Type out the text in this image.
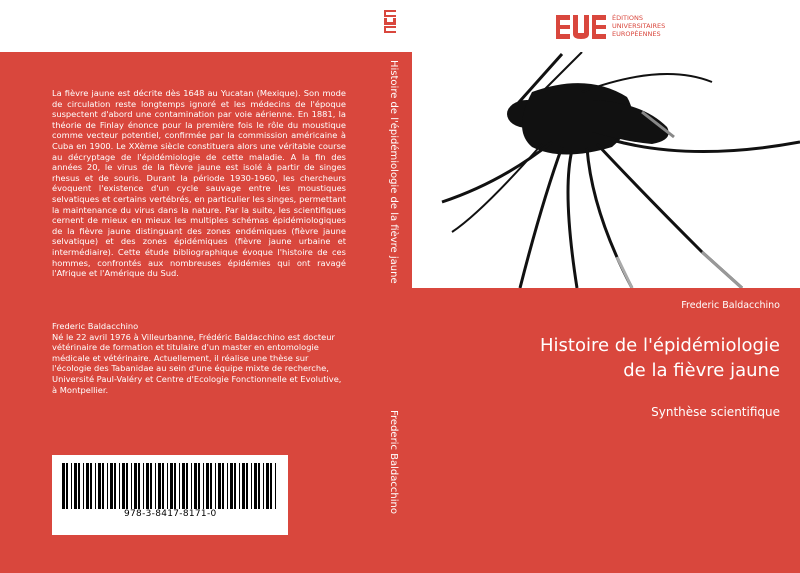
La fièvre jaune est décrite dès 1648 au Yucatan (Mexique). Son mode de circulation reste longtemps ignoré et les médecins de l'époque suspectent d'abord une contamination par voie aérienne. En 1881, la théorie de Finlay énonce pour la première fois le rôle du moustique comme vecteur potentiel, confirmée par la commission américaine à Cuba en 1900. Le XXème siècle constituera alors une véritable course au décryptage de l'épidémiologie de cette maladie. A la fin des années 20, le virus de la fièvre jaune est isolé à partir de singes rhesus et de souris. Durant la période 1930-1960, les chercheurs évoquent l'existence d'un cycle sauvage entre les moustiques selvatiques et certains vertébrés, en particulier les singes, permettant la maintenance du virus dans la nature. Par la suite, les scientifiques cernent de mieux en mieux les multiples schémas épidémiologiques de la fièvre jaune distinguant des zones endémiques (fièvre jaune selvatique) et des zones épidémiques (fièvre jaune urbaine et intermédiaire). Cette étude bibliographique évoque l'histoire de ces hommes, confrontés aux nombreuses épidémies qui ont ravagé l'Afrique et l'Amérique du Sud.

Frederic Baldacchino
Né le 22 avril 1976 à Villeurbanne, Frédéric Baldacchino est docteur vétérinaire de formation et titulaire d'un master en entomologie médicale et vétérinaire. Actuellement, il réalise une thèse sur l'écologie des Tabanidae au sein d'une équipe mixte de recherche, Université Paul-Valéry et Centre d'Ecologie Fonctionnelle et Evolutive, à Montpellier.
978-3-8417-8171-0
Histoire de l'épidémiologie de la fièvre jaune
Frederic Baldacchino
Frederic Baldacchino
Histoire de l'épidémiologie
de la fièvre jaune
Synthèse scientifique
ÉDITIONS
UNIVERSITAIRES
EUROPÉENNES
